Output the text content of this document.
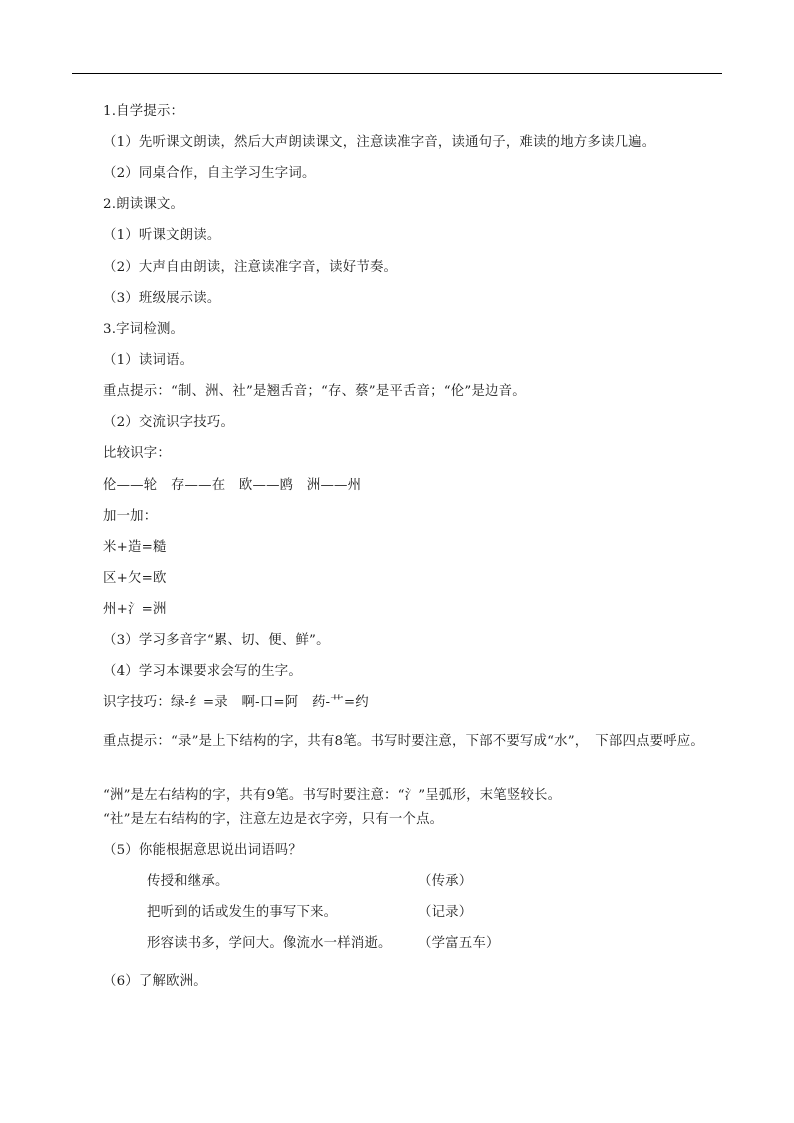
1.自学提示：
（1）先听课文朗读，然后大声朗读课文，注意读准字音，读通句子，难读的地方多读几遍。
（2）同桌合作，自主学习生字词。
2.朗读课文。
（1）听课文朗读。
（2）大声自由朗读，注意读准字音，读好节奏。
（3）班级展示读。
3.字词检测。
（1）读词语。
重点提示：“制、洲、社”是翘舌音；“存、蔡”是平舌音；“伦”是边音。
（2）交流识字技巧。
比较识字：
伦——轮　存——在　欧——鸥　洲——州
加一加：
米+造=糙
区+欠=欧
州+氵=洲
（3）学习多音字“累、切、便、鲜”。
（4）学习本课要求会写的生字。
识字技巧：绿-纟=录　啊-口=阿　药-艹=约
重点提示：“录”是上下结构的字，共有8笔。书写时要注意，下部不要写成“水”，　下部四点要呼应。
“洲”是左右结构的字，共有9笔。书写时要注意：“氵”呈弧形，末笔竖较长。
“社”是左右结构的字，注意左边是衣字旁，只有一个点。
（5）你能根据意思说出词语吗？
传授和继承。	（传承）
把听到的话或发生的事写下来。	（记录）
形容读书多，学问大。像流水一样消逝。 （学富五车）
（6）了解欧洲。
